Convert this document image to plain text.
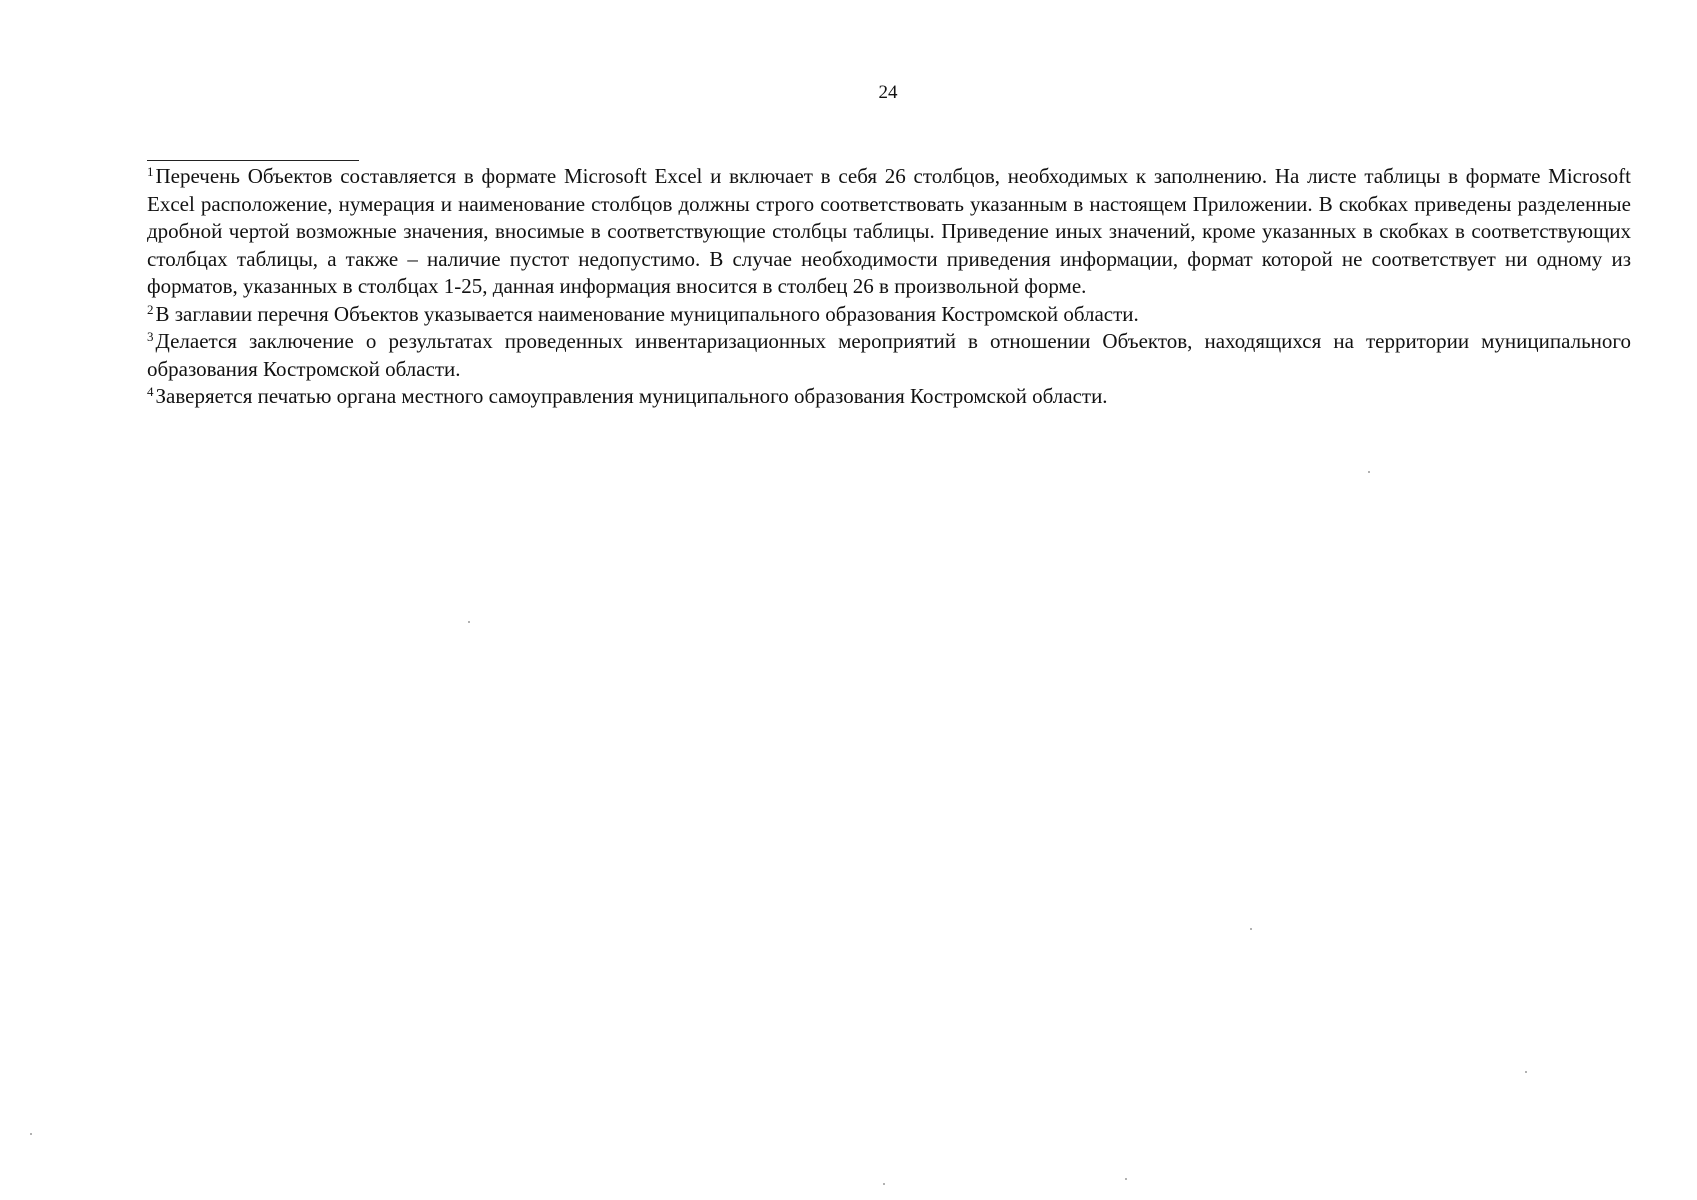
24

$^1$Перечень Объектов составляется в формате Microsoft Excel и включает в себя 26 столбцов, необходимых к заполнению. На листе таблицы в формате Microsoft Excel расположение, нумерация и наименование столбцов должны строго соответствовать указанным в настоящем Приложении. В скобках приведены разделенные дробной чертой возможные значения, вносимые в соответствующие столбцы таблицы. Приведение иных значений, кроме указанных в скобках в соответствующих столбцах таблицы, а также – наличие пустот недопустимо. В случае необходимости приведения информации, формат которой не соответствует ни одному из форматов, указанных в столбцах 1-25, данная информация вносится в столбец 26 в произвольной форме.

$^2$В заглавии перечня Объектов указывается наименование муниципального образования Костромской области.

$^3$Делается заключение о результатах проведенных инвентаризационных мероприятий в отношении Объектов, находящихся на территории муниципального образования Костромской области.

$^4$Заверяется печатью органа местного самоуправления муниципального образования Костромской области.
